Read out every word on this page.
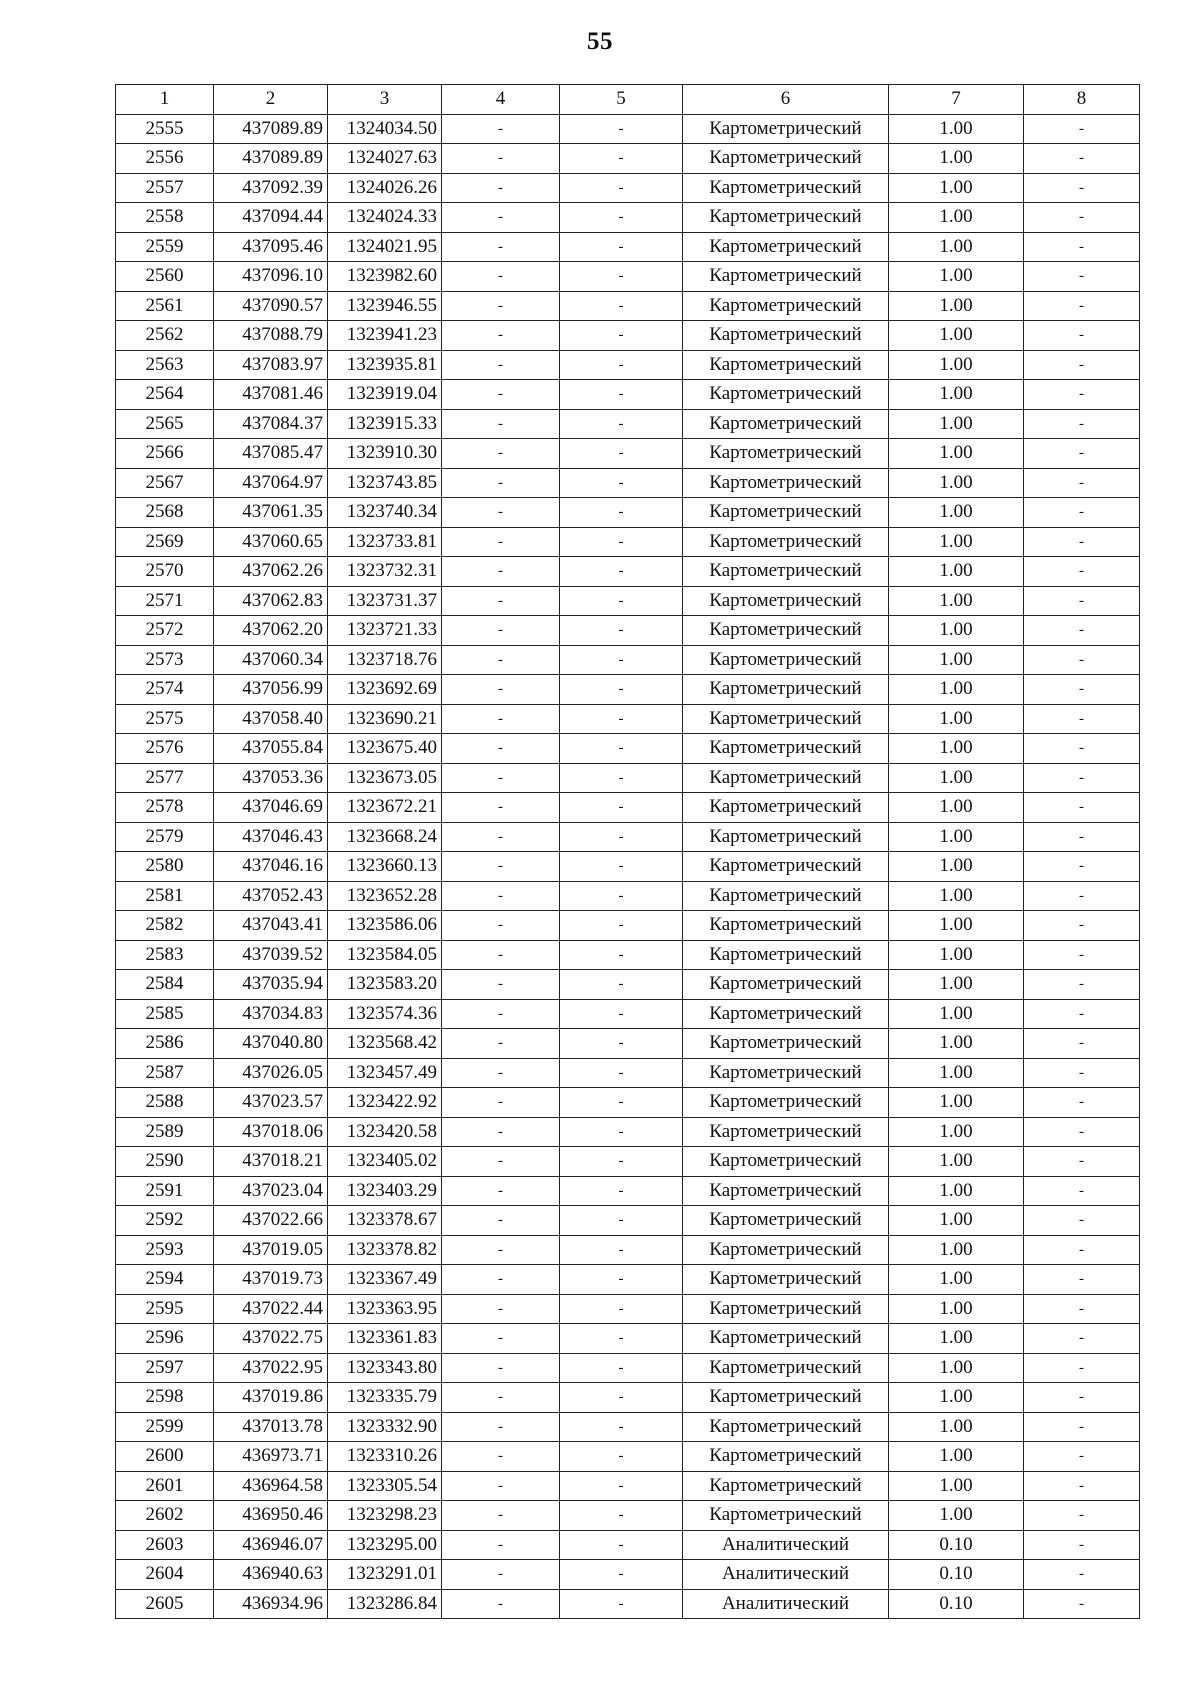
55
1	2	3	4	5	6	7	8
2555	437089.89	1324034.50	-	-	Картометрический	1.00	-
2556	437089.89	1324027.63	-	-	Картометрический	1.00	-
2557	437092.39	1324026.26	-	-	Картометрический	1.00	-
2558	437094.44	1324024.33	-	-	Картометрический	1.00	-
2559	437095.46	1324021.95	-	-	Картометрический	1.00	-
2560	437096.10	1323982.60	-	-	Картометрический	1.00	-
2561	437090.57	1323946.55	-	-	Картометрический	1.00	-
2562	437088.79	1323941.23	-	-	Картометрический	1.00	-
2563	437083.97	1323935.81	-	-	Картометрический	1.00	-
2564	437081.46	1323919.04	-	-	Картометрический	1.00	-
2565	437084.37	1323915.33	-	-	Картометрический	1.00	-
2566	437085.47	1323910.30	-	-	Картометрический	1.00	-
2567	437064.97	1323743.85	-	-	Картометрический	1.00	-
2568	437061.35	1323740.34	-	-	Картометрический	1.00	-
2569	437060.65	1323733.81	-	-	Картометрический	1.00	-
2570	437062.26	1323732.31	-	-	Картометрический	1.00	-
2571	437062.83	1323731.37	-	-	Картометрический	1.00	-
2572	437062.20	1323721.33	-	-	Картометрический	1.00	-
2573	437060.34	1323718.76	-	-	Картометрический	1.00	-
2574	437056.99	1323692.69	-	-	Картометрический	1.00	-
2575	437058.40	1323690.21	-	-	Картометрический	1.00	-
2576	437055.84	1323675.40	-	-	Картометрический	1.00	-
2577	437053.36	1323673.05	-	-	Картометрический	1.00	-
2578	437046.69	1323672.21	-	-	Картометрический	1.00	-
2579	437046.43	1323668.24	-	-	Картометрический	1.00	-
2580	437046.16	1323660.13	-	-	Картометрический	1.00	-
2581	437052.43	1323652.28	-	-	Картометрический	1.00	-
2582	437043.41	1323586.06	-	-	Картометрический	1.00	-
2583	437039.52	1323584.05	-	-	Картометрический	1.00	-
2584	437035.94	1323583.20	-	-	Картометрический	1.00	-
2585	437034.83	1323574.36	-	-	Картометрический	1.00	-
2586	437040.80	1323568.42	-	-	Картометрический	1.00	-
2587	437026.05	1323457.49	-	-	Картометрический	1.00	-
2588	437023.57	1323422.92	-	-	Картометрический	1.00	-
2589	437018.06	1323420.58	-	-	Картометрический	1.00	-
2590	437018.21	1323405.02	-	-	Картометрический	1.00	-
2591	437023.04	1323403.29	-	-	Картометрический	1.00	-
2592	437022.66	1323378.67	-	-	Картометрический	1.00	-
2593	437019.05	1323378.82	-	-	Картометрический	1.00	-
2594	437019.73	1323367.49	-	-	Картометрический	1.00	-
2595	437022.44	1323363.95	-	-	Картометрический	1.00	-
2596	437022.75	1323361.83	-	-	Картометрический	1.00	-
2597	437022.95	1323343.80	-	-	Картометрический	1.00	-
2598	437019.86	1323335.79	-	-	Картометрический	1.00	-
2599	437013.78	1323332.90	-	-	Картометрический	1.00	-
2600	436973.71	1323310.26	-	-	Картометрический	1.00	-
2601	436964.58	1323305.54	-	-	Картометрический	1.00	-
2602	436950.46	1323298.23	-	-	Картометрический	1.00	-
2603	436946.07	1323295.00	-	-	Аналитический	0.10	-
2604	436940.63	1323291.01	-	-	Аналитический	0.10	-
2605	436934.96	1323286.84	-	-	Аналитический	0.10	-
